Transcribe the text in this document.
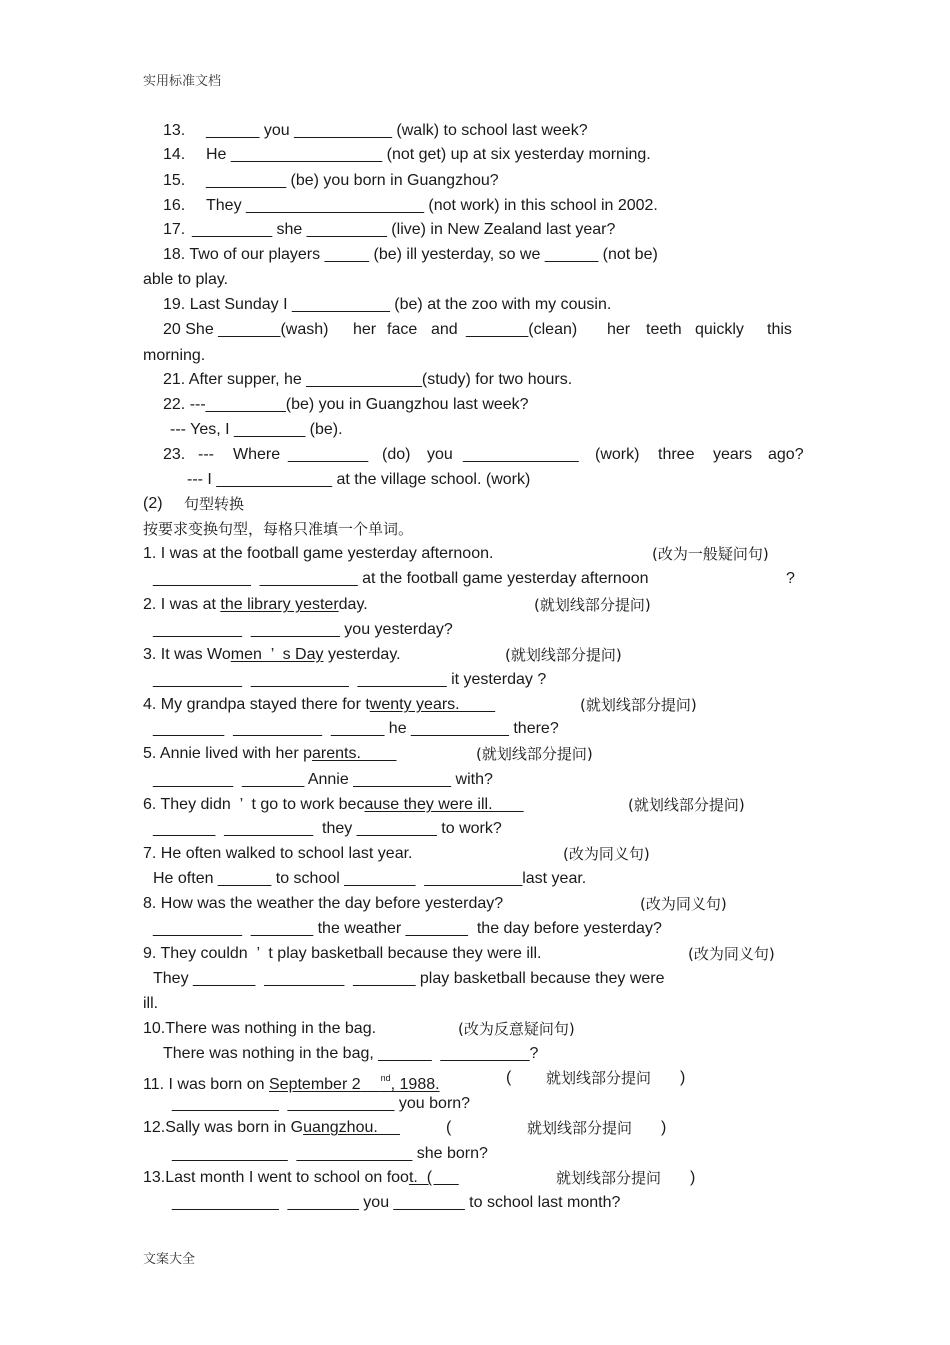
实用标准文档
13. ______ you ___________ (walk) to school last week?
14. He _________________ (not get) up at six yesterday morning.
15. _________ (be) you born in Guangzhou?
16. They ____________________ (not work) in this school in 2002.
17. _________ she _________ (live) in New Zealand last year?
18. Two of our players _____ (be) ill yesterday, so we ______ (not be)
able to play.
19. Last Sunday I ___________ (be) at the zoo with my cousin.
20 She _______(wash) her face and _______(clean) her teeth quickly this
morning.
21. After supper, he _____________(study) for two hours.
22. ---_________(be) you in Guangzhou last week?
--- Yes, I ________ (be).
23. --- Where _________ (do) you _____________ (work) three years ago?
--- I _____________ at the village school. (work)
(2) 句型转换
按要求变换句型，每格只准填一个单词。
1. I was at the football game yesterday afternoon.	(改为一般疑问句)
___________  ___________ at the football game yesterday afternoon	?
2. I was at the library yesterday.	(就划线部分提问)
__________  __________ you yesterday?
3. It was Women  ’  s Day yesterday.	(就划线部分提问)
__________  ___________  __________ it yesterday ?
4. My grandpa stayed there for twenty years.	(就划线部分提问)
________  __________  ______ he ___________ there?
5. Annie lived with her parents.	(就划线部分提问)
_________  _______ Annie ___________ with?
6. They didn  ’  t go to work because they were ill.	(就划线部分提问)
_______  __________  they _________ to work?
7. He often walked to school last year.	(改为同义句)
He often ______ to school ________  ___________last year.
8. How was the weather the day before yesterday?	(改为同义句)
__________  _______ the weather _______  the day before yesterday?
9. They couldn  ’  t play basketball because they were ill.	(改为同义句)
They _______  _________  _______ play basketball because they were
ill.
10.There was nothing in the bag.	(改为反意疑问句)
There was nothing in the bag, ______  __________?
11. I was born on September 2 $^{nd}$, 1988.	( 就划线部分提问 )
____________  ____________ you born?
12.Sally was born in Guangzhou.	(	就划线部分提问 )
_____________  _____________ she born?
13.Last month I went to school on foot.  (	就划线部分提问 )
____________  ________ you ________ to school last month?
文案大全
